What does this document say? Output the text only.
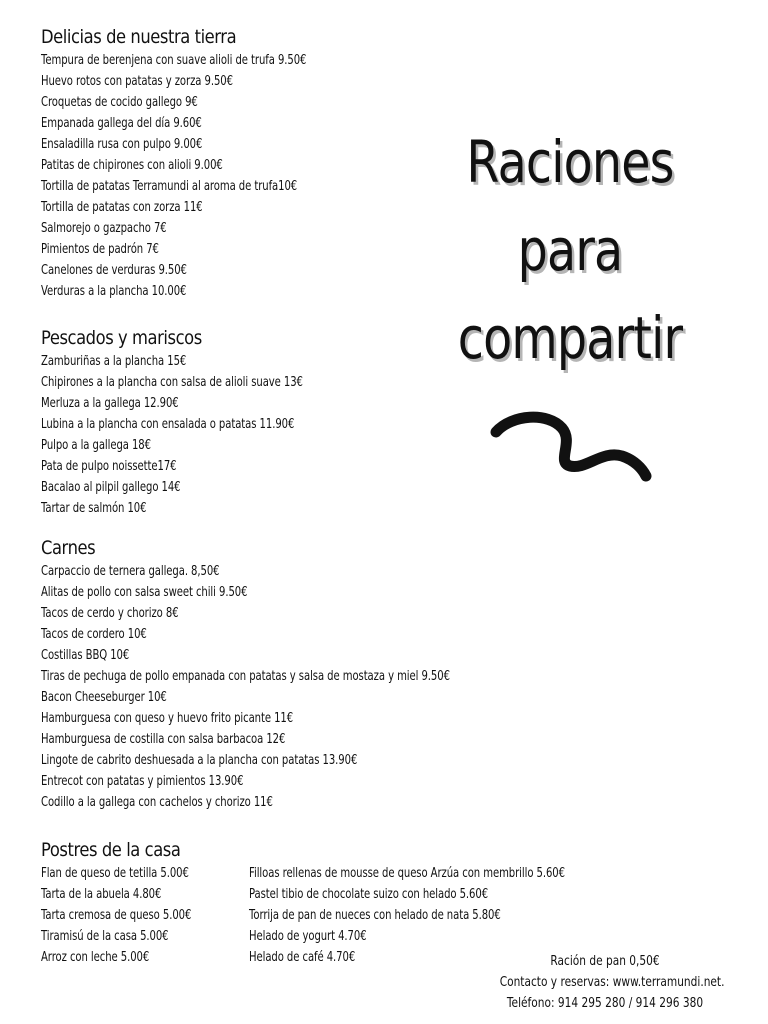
Delicias de nuestra tierra
Tempura de berenjena con suave alioli de trufa 9.50€
Huevo rotos con patatas y zorza 9.50€
Croquetas de cocido gallego 9€
Empanada gallega del día 9.60€
Ensaladilla rusa con pulpo 9.00€
Patitas de chipirones con alioli 9.00€
Tortilla de patatas Terramundi al aroma de trufa10€
Tortilla de patatas con zorza 11€
Salmorejo o gazpacho 7€
Pimientos de padrón 7€
Canelones de verduras 9.50€
Verduras a la plancha 10.00€
Pescados y mariscos
Zamburiñas a la plancha 15€
Chipirones a la plancha con salsa de alioli suave 13€
Merluza a la gallega 12.90€
Lubina a la plancha con ensalada o patatas 11.90€
Pulpo a la gallega 18€
Pata de pulpo noissette17€
Bacalao al pilpil gallego 14€
Tartar de salmón 10€
Carnes
Carpaccio de ternera gallega. 8,50€
Alitas de pollo con salsa sweet chili 9.50€
Tacos de cerdo y chorizo 8€
Tacos de cordero 10€
Costillas BBQ 10€
Tiras de pechuga de pollo empanada con patatas y salsa de mostaza y miel 9.50€
Bacon Cheeseburger 10€
Hamburguesa con queso y huevo frito picante 11€
Hamburguesa de costilla con salsa barbacoa 12€
Lingote de cabrito deshuesada a la plancha con patatas 13.90€
Entrecot con patatas y pimientos 13.90€
Codillo a la gallega con cachelos y chorizo 11€
Postres de la casa
Flan de queso de tetilla 5.00€
Tarta de la abuela 4.80€
Tarta cremosa de queso 5.00€
Tiramisú de la casa 5.00€
Arroz con leche 5.00€
Filloas rellenas de mousse de queso Arzúa con membrillo 5.60€
Pastel tibio de chocolate suizo con helado 5.60€
Torrija de pan de nueces con helado de nata 5.80€
Helado de yogurt 4.70€
Helado de café 4.70€
Raciones
para
compartir
Ración de pan 0,50€
Contacto y reservas: www.terramundi.net.
Teléfono: 914 295 280 / 914 296 380
